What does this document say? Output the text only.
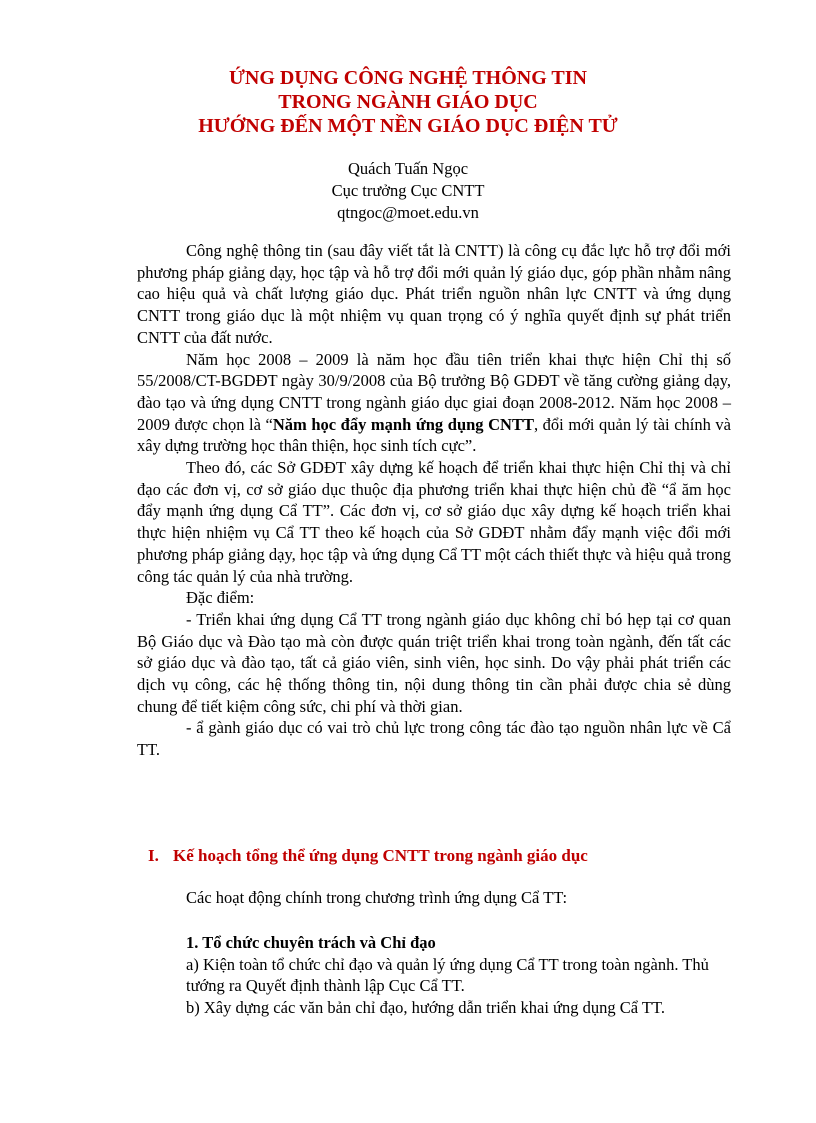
ỨNG DỤNG CÔNG NGHỆ THÔNG TIN
TRONG NGÀNH GIÁO DỤC
HƯỚNG ĐẾN MỘT NỀN GIÁO DỤC ĐIỆN TỬ
Quách Tuấn Ngọc
Cục trưởng Cục CNTT
qtngoc@moet.edu.vn

Công nghệ thông tin (sau đây viết tắt là CNTT) là công cụ đắc lực hỗ trợ đổi mới phương pháp giảng dạy, học tập và hỗ trợ đổi mới quản lý giáo dục, góp phần nhằm nâng cao hiệu quả và chất lượng giáo dục. Phát triển nguồn nhân lực CNTT và ứng dụng CNTT trong giáo dục là một nhiệm vụ quan trọng có ý nghĩa quyết định sự phát triển CNTT của đất nước.

Năm học 2008 – 2009 là năm học đầu tiên triển khai thực hiện Chỉ thị số 55/2008/CT-BGDĐT ngày 30/9/2008 của Bộ trưởng Bộ GDĐT về tăng cường giảng dạy, đào tạo và ứng dụng CNTT trong ngành giáo dục giai đoạn 2008-2012. Năm học 2008 – 2009 được chọn là “Năm học đẩy mạnh ứng dụng CNTT, đổi mới quản lý tài chính và xây dựng trường học thân thiện, học sinh tích cực”.

Theo đó, các Sở GDĐT xây dựng kế hoạch để triển khai thực hiện Chỉ thị và chỉ đạo các đơn vị, cơ sở giáo dục thuộc địa phương triển khai thực hiện chủ đề “ẩ ăm học đẩy mạnh ứng dụng Cẩ TT”. Các đơn vị, cơ sở giáo dục xây dựng kế hoạch triển khai thực hiện nhiệm vụ Cẩ TT theo kế hoạch của Sở GDĐT nhằm đẩy mạnh việc đổi mới phương pháp giảng dạy, học tập và ứng dụng Cẩ TT một cách thiết thực và hiệu quả trong công tác quản lý của nhà trường.

Đặc điểm:

- Triển khai ứng dụng Cẩ TT trong ngành giáo dục không chỉ bó hẹp tại cơ quan Bộ Giáo dục và Đào tạo mà còn được quán triệt triển khai trong toàn ngành, đến tất các sở giáo dục và đào tạo, tất cả giáo viên, sinh viên, học sinh. Do vậy phải phát triển các dịch vụ công, các hệ thống thông tin, nội dung thông tin cần phải được chia sẻ dùng chung để tiết kiệm công sức, chi phí và thời gian.

- ẩ gành giáo dục có vai trò chủ lực trong công tác đào tạo nguồn nhân lực về Cẩ TT.

I. Kế hoạch tổng thể ứng dụng CNTT trong ngành giáo dục
Các hoạt động chính trong chương trình ứng dụng Cẩ TT:

1. Tổ chức chuyên trách và Chỉ đạo

a) Kiện toàn tổ chức chỉ đạo và quản lý ứng dụng Cẩ TT trong toàn ngành. Thủ tướng ra Quyết định thành lập Cục Cẩ TT.

b) Xây dựng các văn bản chỉ đạo, hướng dẫn triển khai ứng dụng Cẩ TT.
